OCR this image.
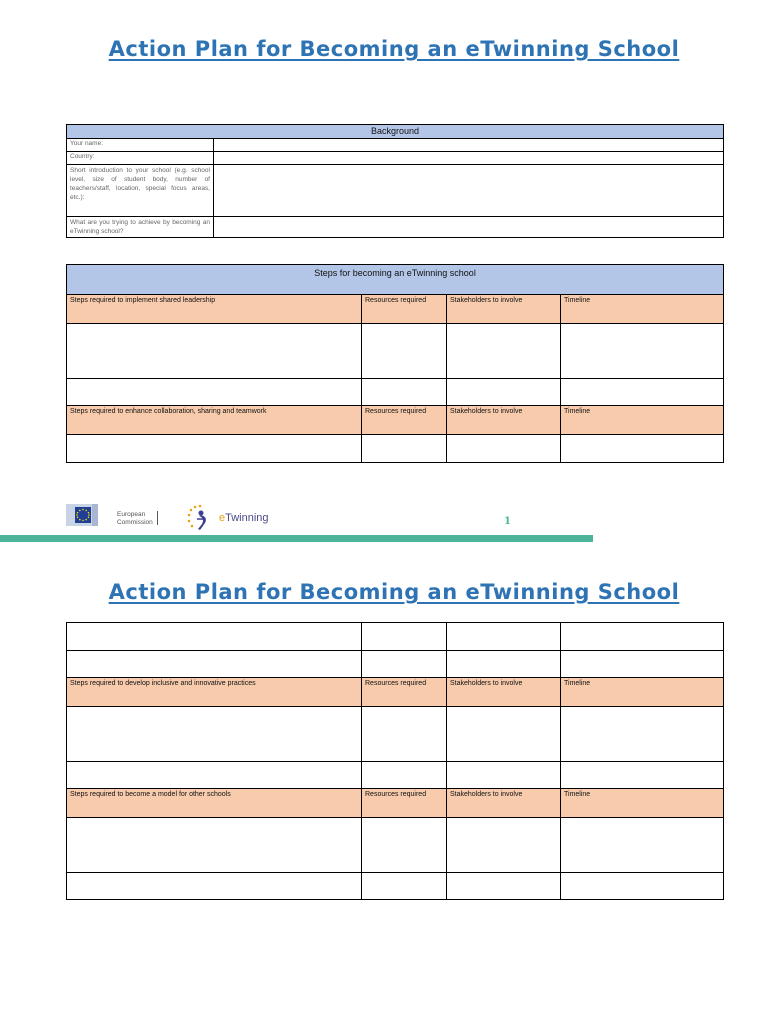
Action Plan for Becoming an eTwinning School
Background	
Your name:	
Country:	
Short introduction to your school (e.g. school level, size of student body, number of teachers/staff, location, special focus areas, etc.):	
What are you trying to achieve by becoming an eTwinning school?	
Steps for becoming an eTwinning school			
Steps required to implement shared leadership	Resources required	Stakeholders to involve	Timeline

Steps required to enhance collaboration, sharing and teamwork	Resources required	Stakeholders to involve	Timeline

European
Commission	eTwinning	1
Action Plan for Becoming an eTwinning School

Steps required to develop inclusive and innovative practices	Resources required	Stakeholders to involve	Timeline

Steps required to become a model for other schools	Resources required	Stakeholders to involve	Timeline
